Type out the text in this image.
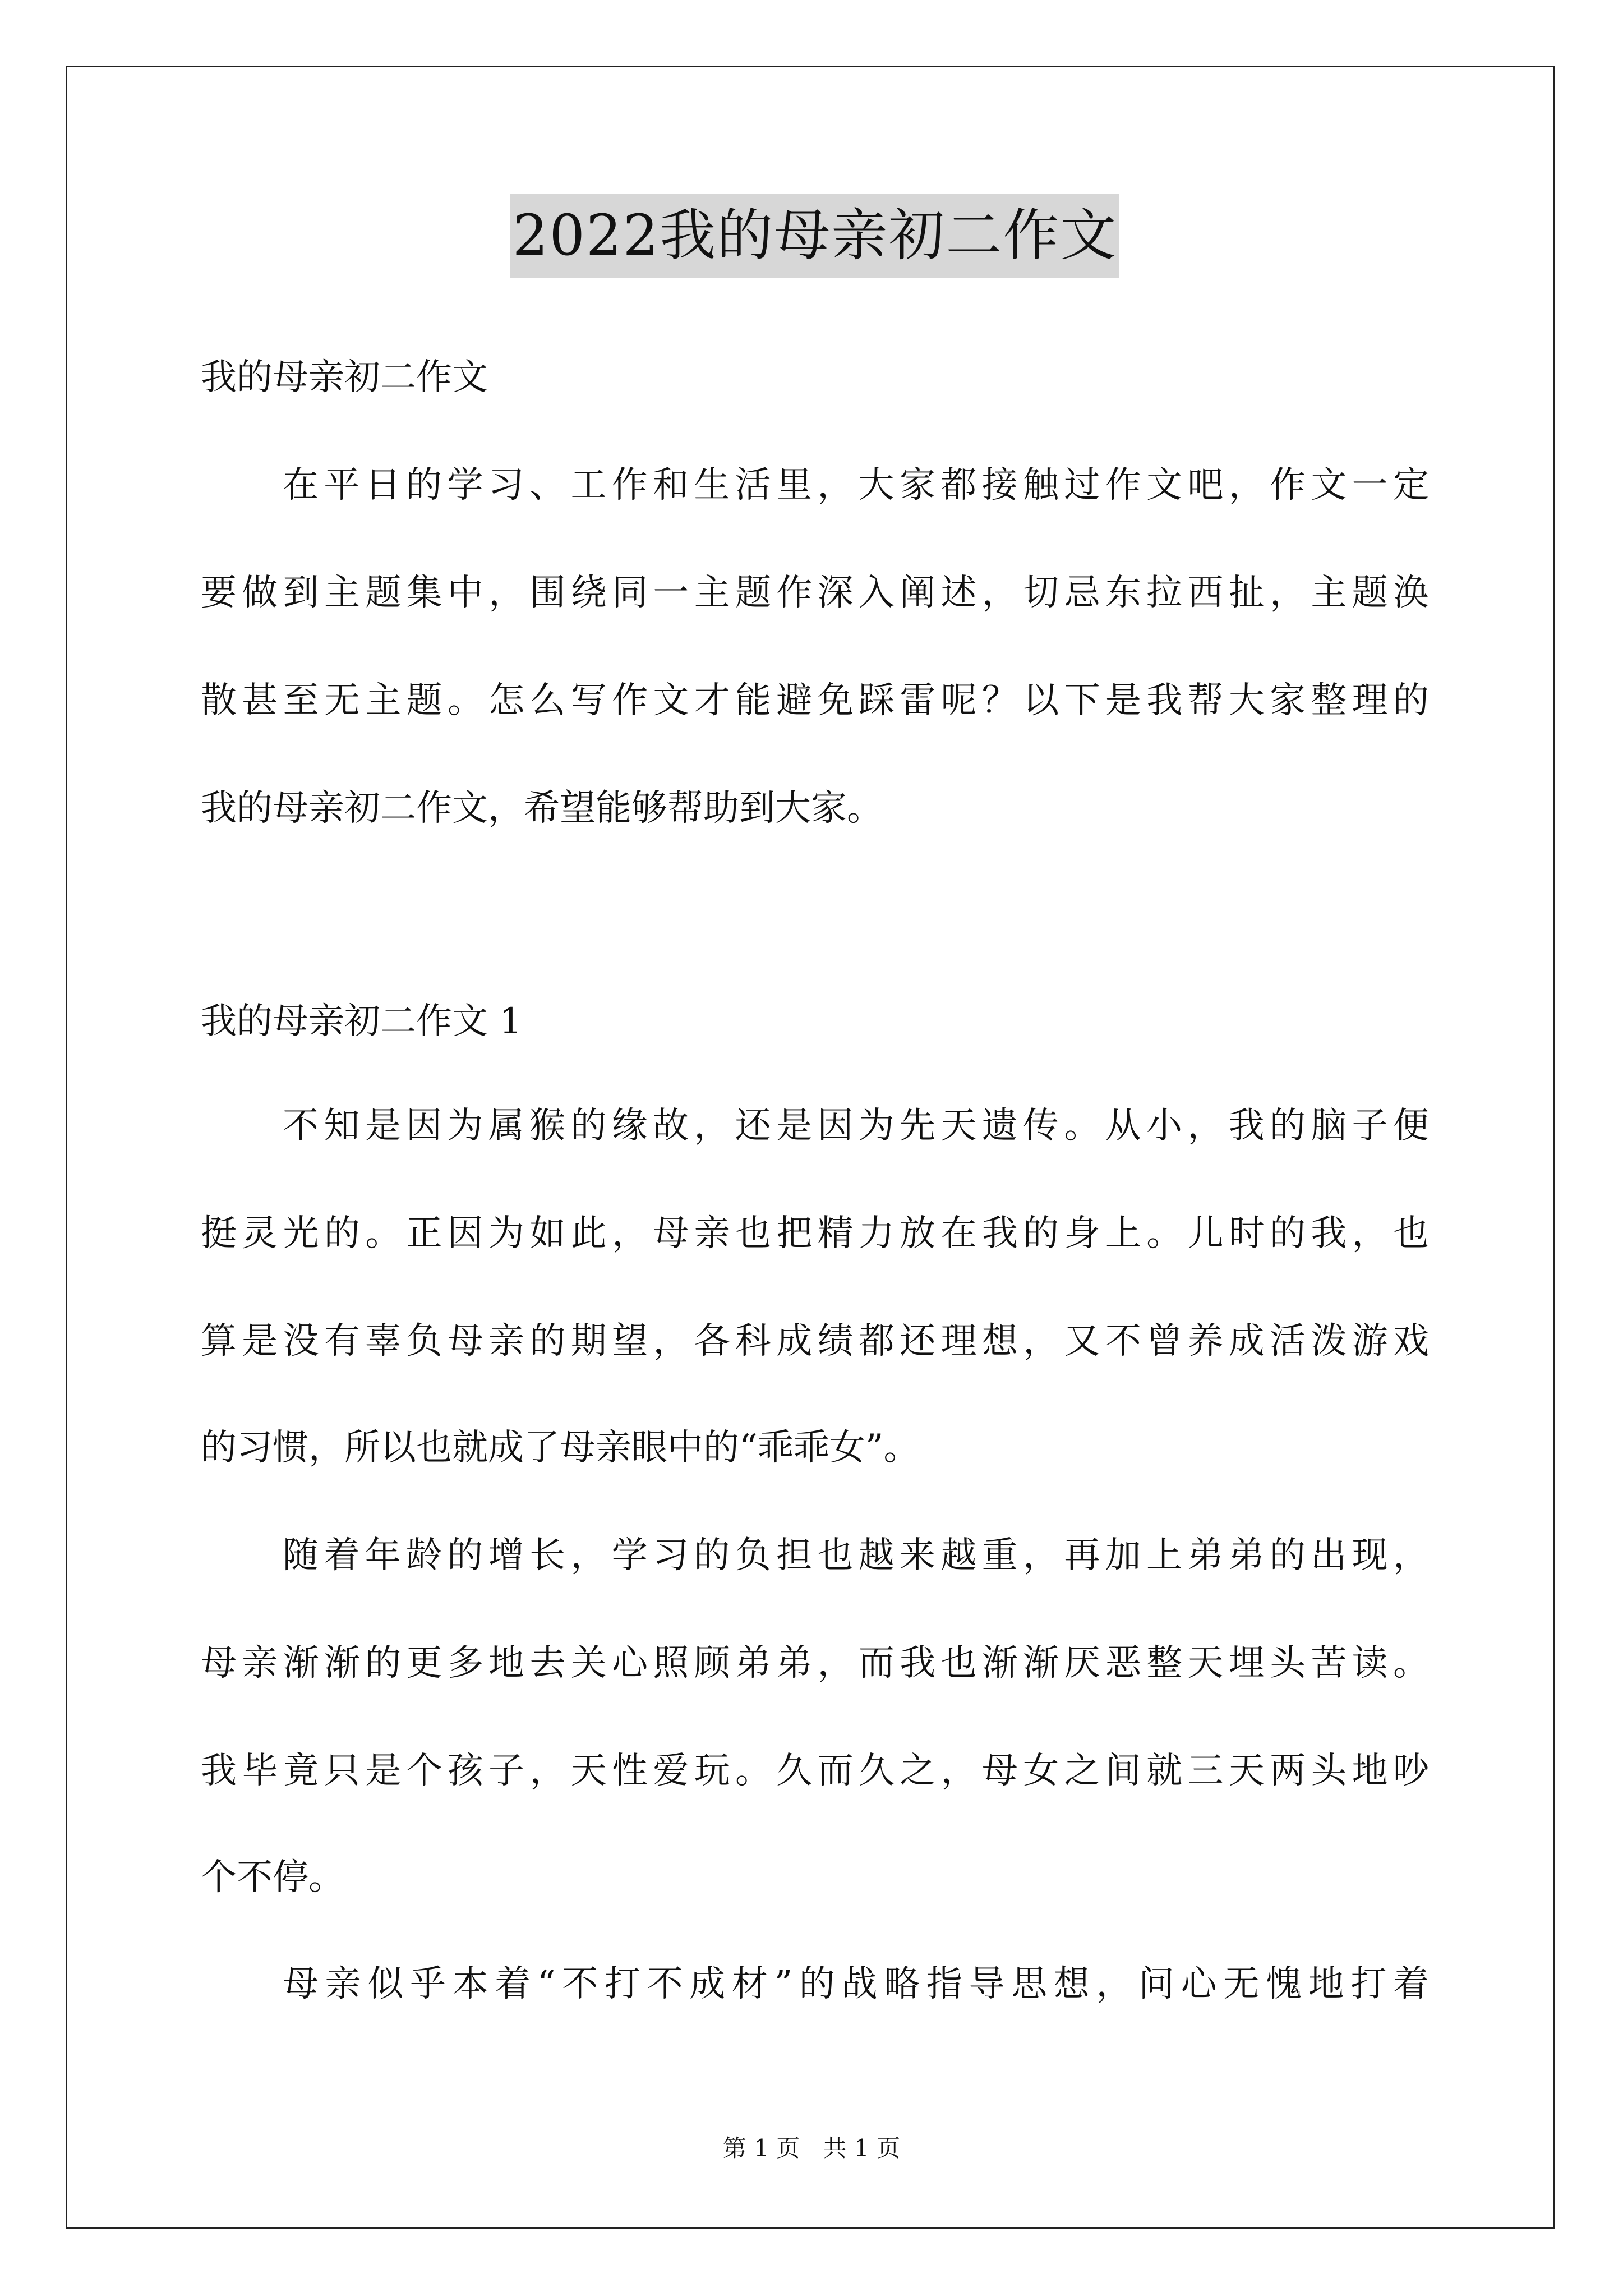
2022我的母亲初二作文
我的母亲初二作文
在平日的学习、工作和生活里，大家都接触过作文吧，作文一定
要做到主题集中，围绕同一主题作深入阐述，切忌东拉西扯，主题涣
散甚至无主题。怎么写作文才能避免踩雷呢？以下是我帮大家整理的
我的母亲初二作文，希望能够帮助到大家。
我的母亲初二作文 1
不知是因为属猴的缘故，还是因为先天遗传。从小，我的脑子便
挺灵光的。正因为如此，母亲也把精力放在我的身上。儿时的我，也
算是没有辜负母亲的期望，各科成绩都还理想，又不曾养成活泼游戏
的习惯，所以也就成了母亲眼中的“乖乖女”。
随着年龄的增长，学习的负担也越来越重，再加上弟弟的出现，
母亲渐渐的更多地去关心照顾弟弟，而我也渐渐厌恶整天埋头苦读。
我毕竟只是个孩子，天性爱玩。久而久之，母女之间就三天两头地吵
个不停。
母亲似乎本着“不打不成材”的战略指导思想，问心无愧地打着
第 1 页 共 1 页
